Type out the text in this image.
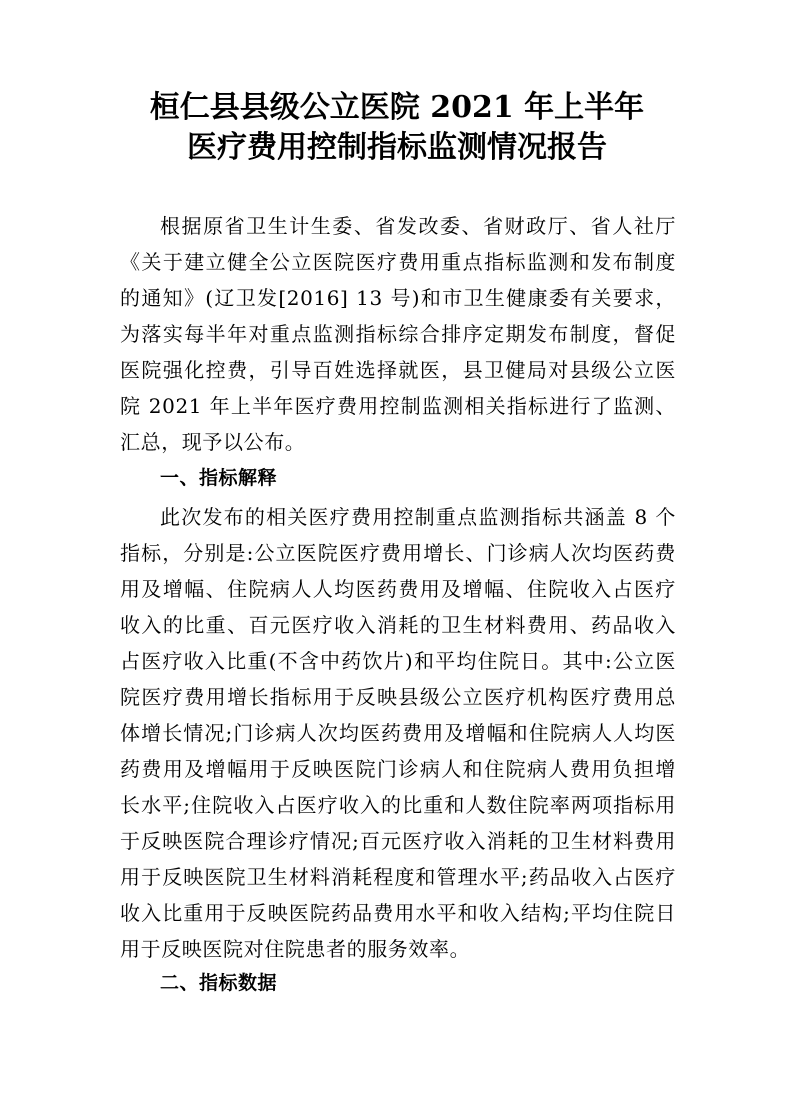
桓仁县县级公立医院 2021 年上半年
医疗费用控制指标监测情况报告

根据原省卫生计生委、省发改委、省财政厅、省人社厅《关于建立健全公立医院医疗费用重点指标监测和发布制度的通知》(辽卫发[2016] 13 号)和市卫生健康委有关要求，为落实每半年对重点监测指标综合排序定期发布制度，督促医院强化控费，引导百姓选择就医，县卫健局对县级公立医院 2021 年上半年医疗费用控制监测相关指标进行了监测、汇总，现予以公布。

一、指标解释

此次发布的相关医疗费用控制重点监测指标共涵盖 8 个指标，分别是:公立医院医疗费用增长、门诊病人次均医药费用及增幅、住院病人人均医药费用及增幅、住院收入占医疗收入的比重、百元医疗收入消耗的卫生材料费用、药品收入占医疗收入比重(不含中药饮片)和平均住院日。其中:公立医院医疗费用增长指标用于反映县级公立医疗机构医疗费用总体增长情况;门诊病人次均医药费用及增幅和住院病人人均医药费用及增幅用于反映医院门诊病人和住院病人费用负担增长水平;住院收入占医疗收入的比重和人数住院率两项指标用于反映医院合理诊疗情况;百元医疗收入消耗的卫生材料费用用于反映医院卫生材料消耗程度和管理水平;药品收入占医疗收入比重用于反映医院药品费用水平和收入结构;平均住院日用于反映医院对住院患者的服务效率。

二、指标数据
